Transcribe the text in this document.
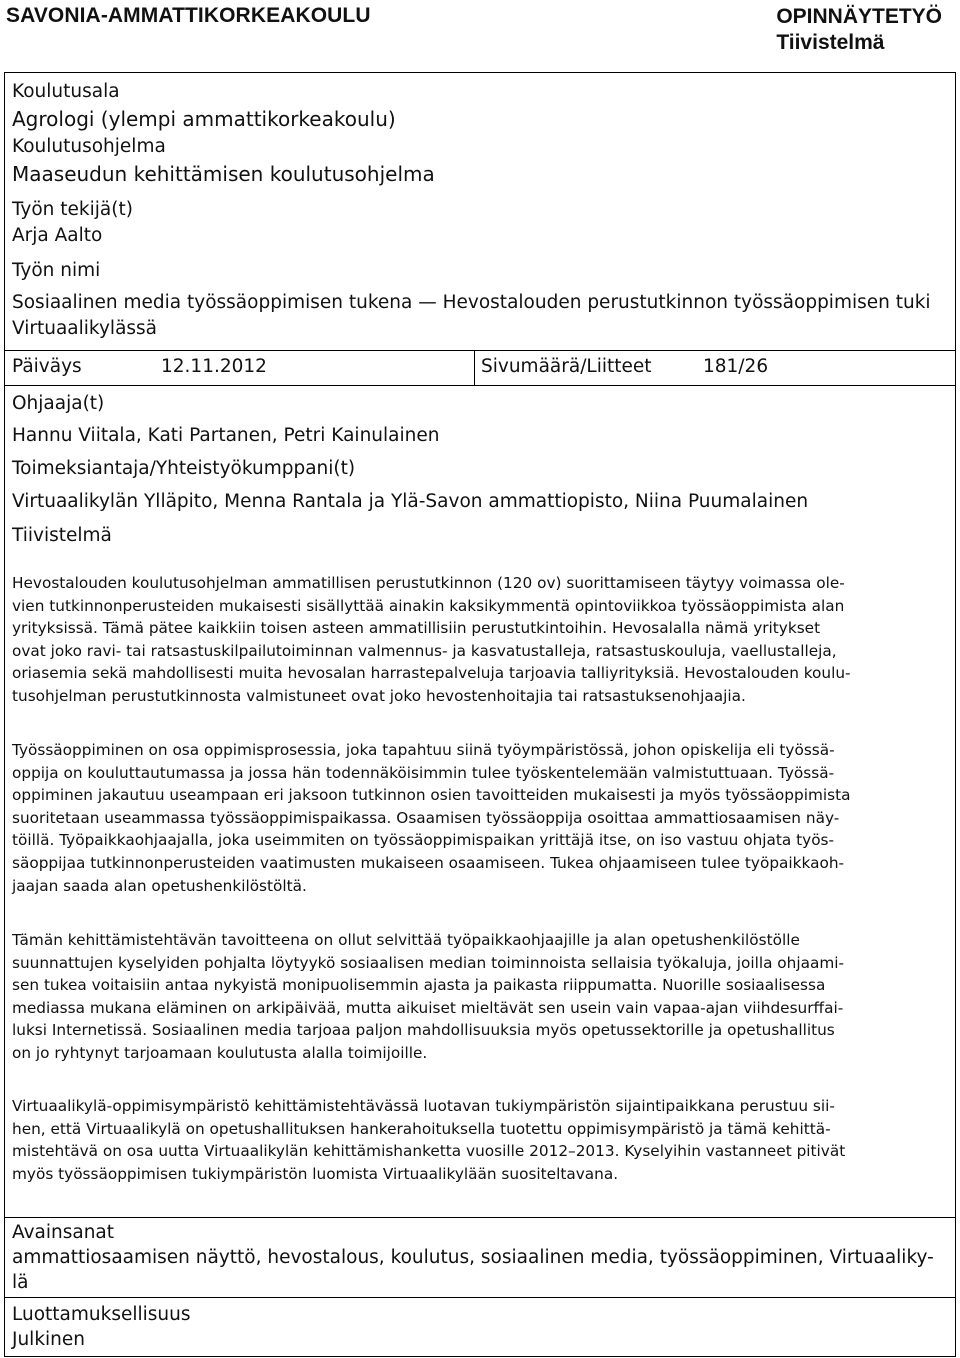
SAVONIA-AMMATTIKORKEAKOULU	OPINNÄYTETYÖ
Tiivistelmä
Koulutusala
Agrologi (ylempi ammattikorkeakoulu)
Koulutusohjelma
Maaseudun kehittämisen koulutusohjelma
Työn tekijä(t)
Arja Aalto
Työn nimi
Sosiaalinen media työssäoppimisen tukena — Hevostalouden perustutkinnon työssäoppimisen tuki
Virtuaalikylässä
Päiväys	12.11.2012	Sivumäärä/Liitteet	181/26
Ohjaaja(t)
Hannu Viitala, Kati Partanen, Petri Kainulainen
Toimeksiantaja/Yhteistyökumppani(t)
Virtuaalikylän Ylläpito, Menna Rantala ja Ylä-Savon ammattiopisto, Niina Puumalainen
Tiivistelmä
Hevostalouden koulutusohjelman ammatillisen perustutkinnon (120 ov) suorittamiseen täytyy voimassa ole-
vien tutkinnonperusteiden mukaisesti sisällyttää ainakin kaksikymmentä opintoviikkoa työssäoppimista alan
yrityksissä. Tämä pätee kaikkiin toisen asteen ammatillisiin perustutkintoihin. Hevosalalla nämä yritykset
ovat joko ravi- tai ratsastuskilpailutoiminnan valmennus- ja kasvatustalleja, ratsastuskouluja, vaellustalleja,
oriasemia sekä mahdollisesti muita hevosalan harrastepalveluja tarjoavia talliyrityksiä. Hevostalouden koulu-
tusohjelman perustutkinnosta valmistuneet ovat joko hevostenhoitajia tai ratsastuksenohjaajia.
Työssäoppiminen on osa oppimisprosessia, joka tapahtuu siinä työympäristössä, johon opiskelija eli työssä-
oppija on kouluttautumassa ja jossa hän todennäköisimmin tulee työskentelemään valmistuttuaan. Työssä-
oppiminen jakautuu useampaan eri jaksoon tutkinnon osien tavoitteiden mukaisesti ja myös työssäoppimista
suoritetaan useammassa työssäoppimispaikassa. Osaamisen työssäoppija osoittaa ammattiosaamisen näy-
töillä. Työpaikkaohjaajalla, joka useimmiten on työssäoppimispaikan yrittäjä itse, on iso vastuu ohjata työs-
säoppijaa tutkinnonperusteiden vaatimusten mukaiseen osaamiseen. Tukea ohjaamiseen tulee työpaikkaoh-
jaajan saada alan opetushenkilöstöltä.
Tämän kehittämistehtävän tavoitteena on ollut selvittää työpaikkaohjaajille ja alan opetushenkilöstölle
suunnattujen kyselyiden pohjalta löytyykö sosiaalisen median toiminnoista sellaisia työkaluja, joilla ohjaami-
sen tukea voitaisiin antaa nykyistä monipuolisemmin ajasta ja paikasta riippumatta. Nuorille sosiaalisessa
mediassa mukana eläminen on arkipäivää, mutta aikuiset mieltävät sen usein vain vapaa-ajan viihdesurffai-
luksi Internetissä. Sosiaalinen media tarjoaa paljon mahdollisuuksia myös opetussektorille ja opetushallitus
on jo ryhtynyt tarjoamaan koulutusta alalla toimijoille.
Virtuaalikylä-oppimisympäristö kehittämistehtävässä luotavan tukiympäristön sijaintipaikkana perustuu sii-
hen, että Virtuaalikylä on opetushallituksen hankerahoituksella tuotettu oppimisympäristö ja tämä kehittä-
mistehtävä on osa uutta Virtuaalikylän kehittämishanketta vuosille 2012–2013. Kyselyihin vastanneet pitivät
myös työssäoppimisen tukiympäristön luomista Virtuaalikylään suositeltavana.
Avainsanat
ammattiosaamisen näyttö, hevostalous, koulutus, sosiaalinen media, työssäoppiminen, Virtuaaliky-
lä
Luottamuksellisuus
Julkinen
